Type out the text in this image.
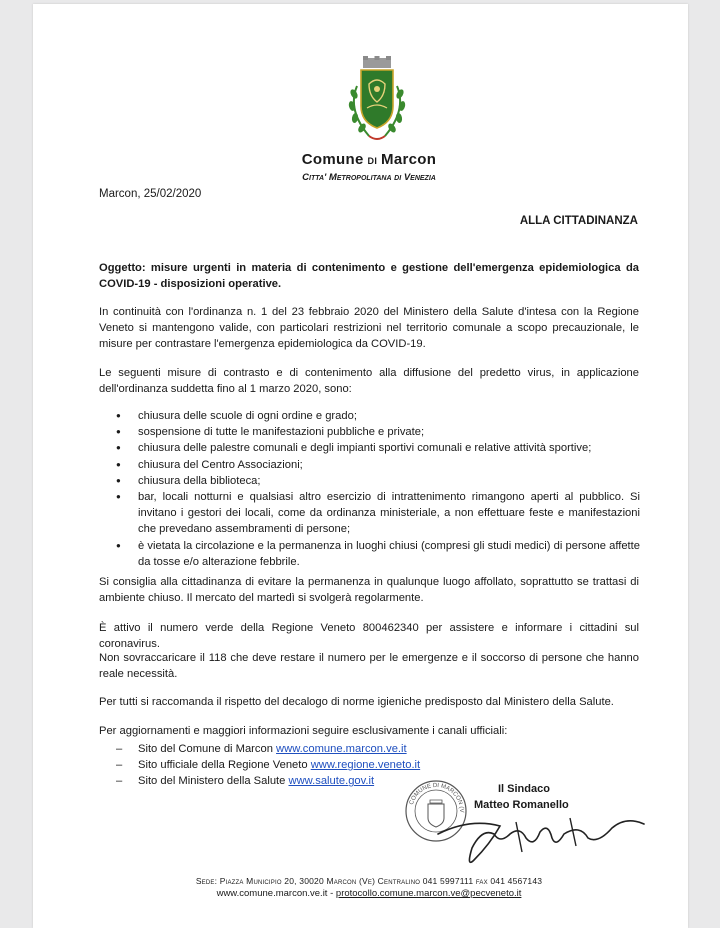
Comune di Marcon
Citta' Metropolitana di Venezia
Marcon, 25/02/2020
ALLA CITTADINANZA
Oggetto: misure urgenti in materia di contenimento e gestione dell'emergenza epidemiologica da COVID-19 - disposizioni operative.
In continuità con l'ordinanza n. 1 del 23 febbraio 2020 del Ministero della Salute d'intesa con la Regione Veneto si mantengono valide, con particolari restrizioni nel territorio comunale a scopo precauzionale, le misure per contrastare l'emergenza epidemiologica da COVID-19.
Le seguenti misure di contrasto e di contenimento alla diffusione del predetto virus, in applicazione dell'ordinanza suddetta fino al 1 marzo 2020, sono:
● chiusura delle scuole di ogni ordine e grado;
● sospensione di tutte le manifestazioni pubbliche e private;
● chiusura delle palestre comunali e degli impianti sportivi comunali e relative attività sportive;
● chiusura del Centro Associazioni;
● chiusura della biblioteca;
● bar, locali notturni e qualsiasi altro esercizio di intrattenimento rimangono aperti al pubblico. Si invitano i gestori dei locali, come da ordinanza ministeriale, a non effettuare feste e manifestazioni che prevedano assembramenti di persone;
● è vietata la circolazione e la permanenza in luoghi chiusi (compresi gli studi medici) di persone affette da tosse e/o alterazione febbrile.
Si consiglia alla cittadinanza di evitare la permanenza in qualunque luogo affollato, soprattutto se trattasi di ambiente chiuso. Il mercato del martedì si svolgerà regolarmente.
È attivo il numero verde della Regione Veneto 800462340 per assistere e informare i cittadini sul coronavirus.
Non sovraccaricare il 118 che deve restare il numero per le emergenze e il soccorso di persone che hanno reale necessità.
Per tutti si raccomanda il rispetto del decalogo di norme igieniche predisposto dal Ministero della Salute.
Per aggiornamenti e maggiori informazioni seguire esclusivamente i canali ufficiali:
– Sito del Comune di Marcon www.comune.marcon.ve.it
– Sito ufficiale della Regione Veneto www.regione.veneto.it
– Sito del Ministero della Salute www.salute.gov.it
COMUNE DI MARCON (V
Il Sindaco
Matteo Romanello
Sede: Piazza Municipio 20, 30020 Marcon (Ve) Centralino 041 5997111 fax 041 4567143
www.comune.marcon.ve.it - protocollo.comune.marcon.ve@pecveneto.it
